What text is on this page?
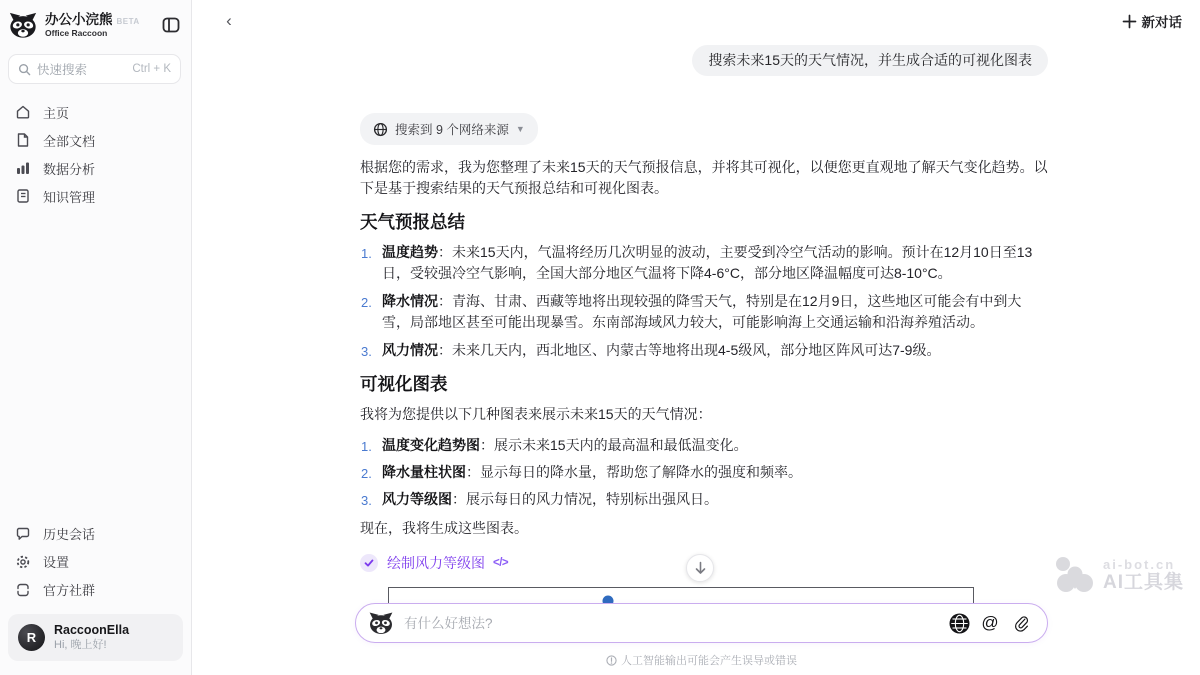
办公小浣熊 BETA
Office Raccoon
快速搜索	Ctrl + K
主页
全部文档
数据分析
知识管理
历史会话
设置
官方社群
R
RaccoonElla
Hi, 晚上好!
‹	新对话
搜索未来15天的天气情况，并生成合适的可视化图表
搜索到 9 个网络来源 ▼

根据您的需求，我为您整理了未来15天的天气预报信息，并将其可视化，以便您更直观地了解天气变化趋势。以下是基于搜索结果的天气预报总结和可视化图表。

天气预报总结
1. 温度趋势：未来15天内，气温将经历几次明显的波动，主要受到冷空气活动的影响。预计在12月10日至13日，受较强冷空气影响，全国大部分地区气温将下降4-6°C，部分地区降温幅度可达8-10°C。
2. 降水情况：青海、甘肃、西藏等地将出现较强的降雪天气，特别是在12月9日，这些地区可能会有中到大雪，局部地区甚至可能出现暴雪。东南部海域风力较大，可能影响海上交通运输和沿海养殖活动。
3. 风力情况：未来几天内，西北地区、内蒙古等地将出现4-5级风，部分地区阵风可达7-9级。
可视化图表

我将为您提供以下几种图表来展示未来15天的天气情况：

1. 温度变化趋势图：展示未来15天内的最高温和最低温变化。
2. 降水量柱状图：显示每日的降水量，帮助您了解降水的强度和频率。
3. 风力等级图：展示每日的风力情况，特别标出强风日。

现在，我将生成这些图表。

绘制风力等级图 </>
有什么好想法?
@
人工智能输出可能会产生误导或错误
ai-bot.cn
AI工具集
